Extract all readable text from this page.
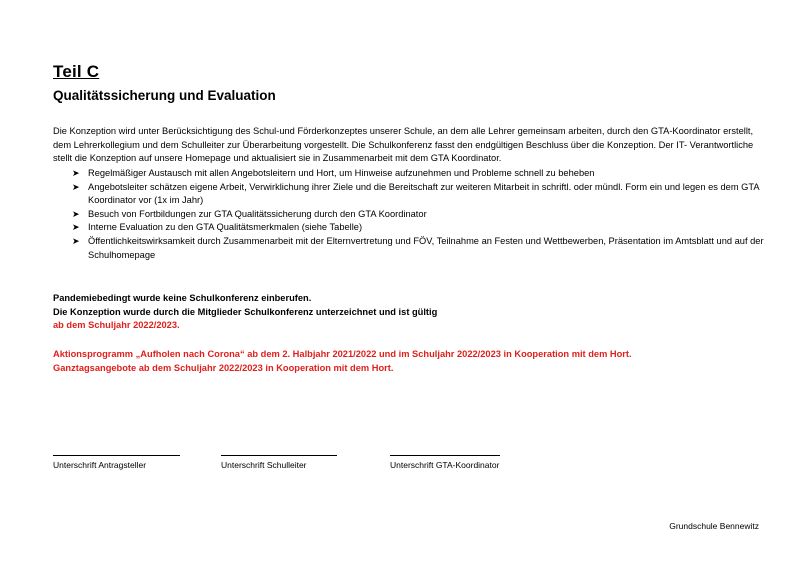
Teil C
Qualitätssicherung und Evaluation

Die Konzeption wird unter Berücksichtigung des Schul-und Förderkonzeptes unserer Schule, an dem alle Lehrer gemeinsam arbeiten, durch den GTA-Koordinator erstellt, dem Lehrerkollegium und dem Schulleiter zur Überarbeitung vorgestellt. Die Schulkonferenz fasst den endgültigen Beschluss über die Konzeption. Der IT- Verantwortliche stellt die Konzeption auf unsere Homepage und aktualisiert sie in Zusammenarbeit mit dem GTA Koordinator.

➤ Regelmäßiger Austausch mit allen Angebotsleitern und Hort, um Hinweise aufzunehmen und Probleme schnell zu beheben
➤ Angebotsleiter schätzen eigene Arbeit, Verwirklichung ihrer Ziele und die Bereitschaft zur weiteren Mitarbeit in schriftl. oder mündl. Form ein und legen es dem GTA Koordinator vor (1x im Jahr)
➤ Besuch von Fortbildungen zur GTA Qualitätssicherung durch den GTA Koordinator
➤ Interne Evaluation zu den GTA Qualitätsmerkmalen (siehe Tabelle)
➤ Öffentlichkeitswirksamkeit durch Zusammenarbeit mit der Elternvertretung und FÖV, Teilnahme an Festen und Wettbewerben, Präsentation im Amtsblatt und auf der Schulhomepage
Pandemiebedingt wurde keine Schulkonferenz einberufen.
Die Konzeption wurde durch die Mitglieder Schulkonferenz unterzeichnet und ist gültig
ab dem Schuljahr 2022/2023.
Aktionsprogramm „Aufholen nach Corona“ ab dem 2. Halbjahr 2021/2022 und im Schuljahr 2022/2023 in Kooperation mit dem Hort.
Ganztagsangebote ab dem Schuljahr 2022/2023 in Kooperation mit dem Hort.
Unterschrift Antragsteller	Unterschrift Schulleiter	Unterschrift GTA-Koordinator
Grundschule Bennewitz
